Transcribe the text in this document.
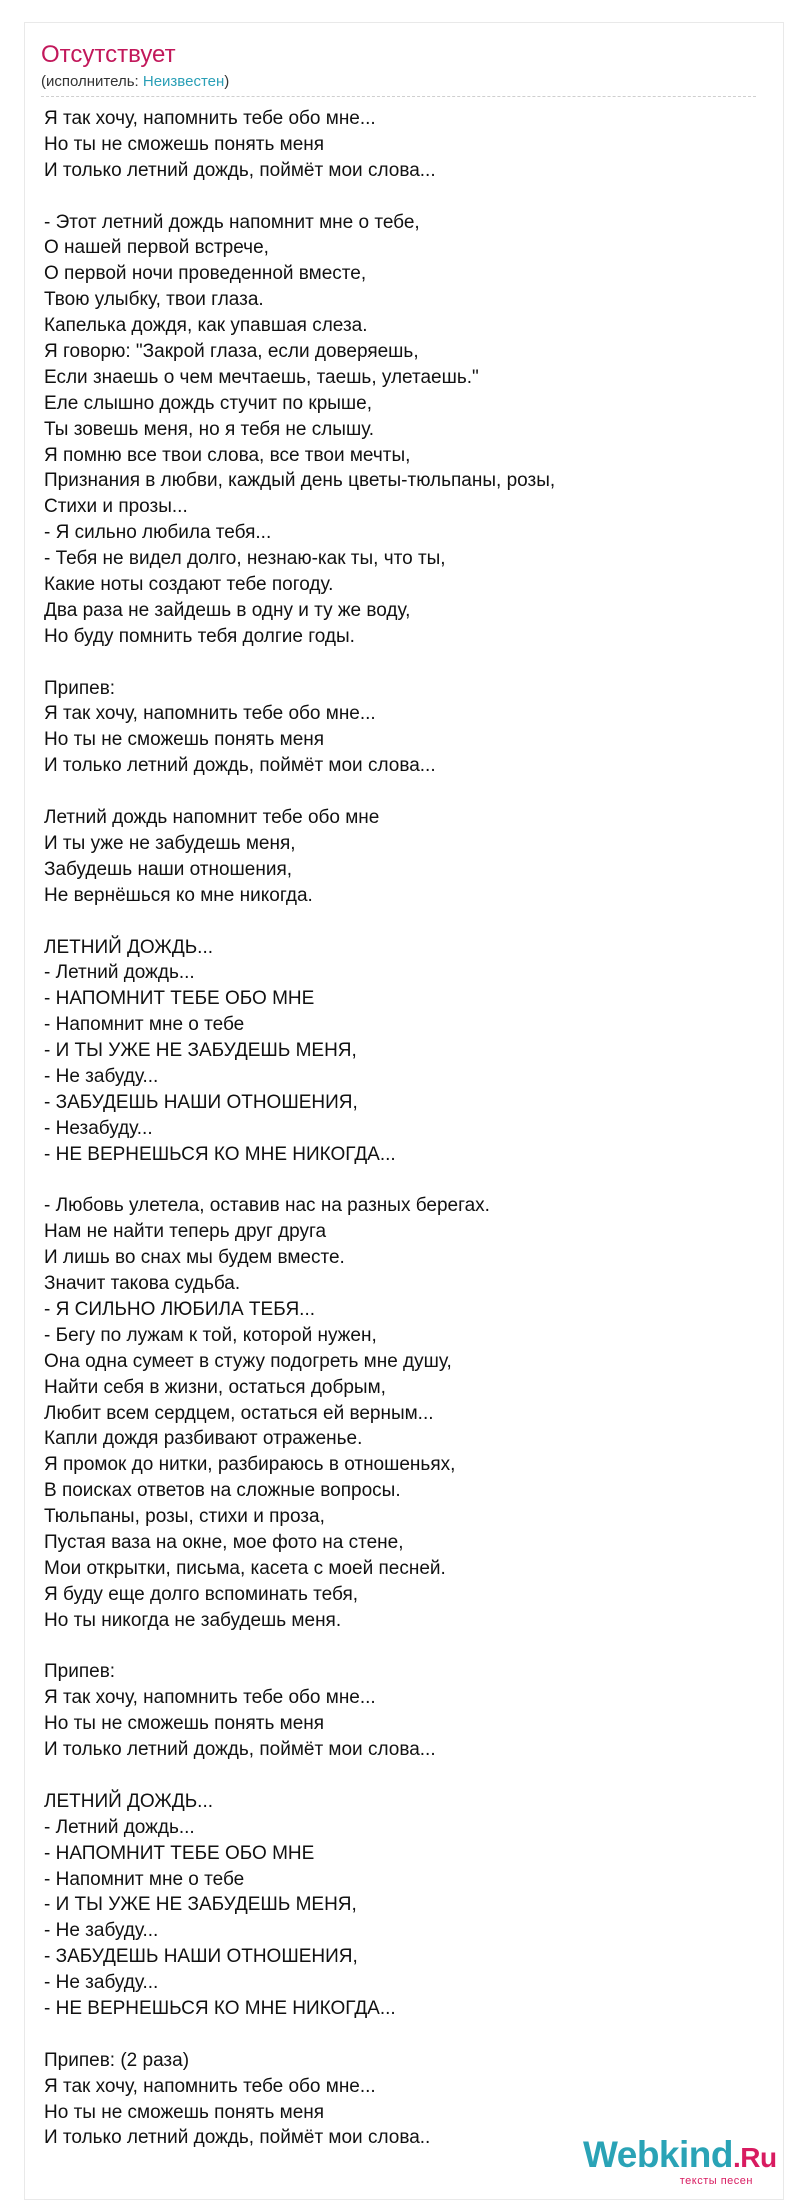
Отсутствует
(исполнитель: Неизвестен)
Я так хочу, напомнить тебе обо мне...
Но ты не сможешь понять меня
И только летний дождь, поймёт мои слова...
- Этот летний дождь напомнит мне о тебе,
О нашей первой встрече,
О первой ночи проведенной вместе,
Твою улыбку, твои глаза.
Капелька дождя, как упавшая слеза.
Я говорю: "Закрой глаза, если доверяешь,
Если знаешь о чем мечтаешь, таешь, улетаешь."
Еле слышно дождь стучит по крыше,
Ты зовешь меня, но я тебя не слышу.
Я помню все твои слова, все твои мечты,
Признания в любви, каждый день цветы-тюльпаны, розы,
Стихи и прозы...
- Я сильно любила тебя...
- Тебя не видел долго, незнаю-как ты, что ты,
Какие ноты создают тебе погоду.
Два раза не зайдешь в одну и ту же воду,
Но буду помнить тебя долгие годы.
Припев:
Я так хочу, напомнить тебе обо мне...
Но ты не сможешь понять меня
И только летний дождь, поймёт мои слова...
Летний дождь напомнит тебе обо мне
И ты уже не забудешь меня,
Забудешь наши отношения,
Не вернёшься ко мне никогда.
ЛЕТНИЙ ДОЖДЬ...
- Летний дождь...
- НАПОМНИТ ТЕБЕ ОБО МНЕ
- Напомнит мне о тебе
- И ТЫ УЖЕ НЕ ЗАБУДЕШЬ МЕНЯ,
- Не забуду...
- ЗАБУДЕШЬ НАШИ ОТНОШЕНИЯ,
- Незабуду...
- НЕ ВЕРНЕШЬСЯ КО МНЕ НИКОГДА...
- Любовь улетела, оставив нас на разных берегах.
Нам не найти теперь друг друга
И лишь во снах мы будем вместе.
Значит такова судьба.
- Я СИЛЬНО ЛЮБИЛА ТЕБЯ...
- Бегу по лужам к той, которой нужен,
Она одна сумеет в стужу подогреть мне душу,
Найти себя в жизни, остаться добрым,
Любит всем сердцем, остаться ей верным...
Капли дождя разбивают отраженье.
Я промок до нитки, разбираюсь в отношеньях,
В поисках ответов на сложные вопросы.
Тюльпаны, розы, стихи и проза,
Пустая ваза на окне, мое фото на стене,
Мои открытки, письма, касета с моей песней.
Я буду еще долго вспоминать тебя,
Но ты никогда не забудешь меня.
Припев:
Я так хочу, напомнить тебе обо мне...
Но ты не сможешь понять меня
И только летний дождь, поймёт мои слова...
ЛЕТНИЙ ДОЖДЬ...
- Летний дождь...
- НАПОМНИТ ТЕБЕ ОБО МНЕ
- Напомнит мне о тебе
- И ТЫ УЖЕ НЕ ЗАБУДЕШЬ МЕНЯ,
- Не забуду...
- ЗАБУДЕШЬ НАШИ ОТНОШЕНИЯ,
- Не забуду...
- НЕ ВЕРНЕШЬСЯ КО МНЕ НИКОГДА...
Припев: (2 раза)
Я так хочу, напомнить тебе обо мне...
Но ты не сможешь понять меня
И только летний дождь, поймёт мои слова..	Webkind.Ru
тексты песен
